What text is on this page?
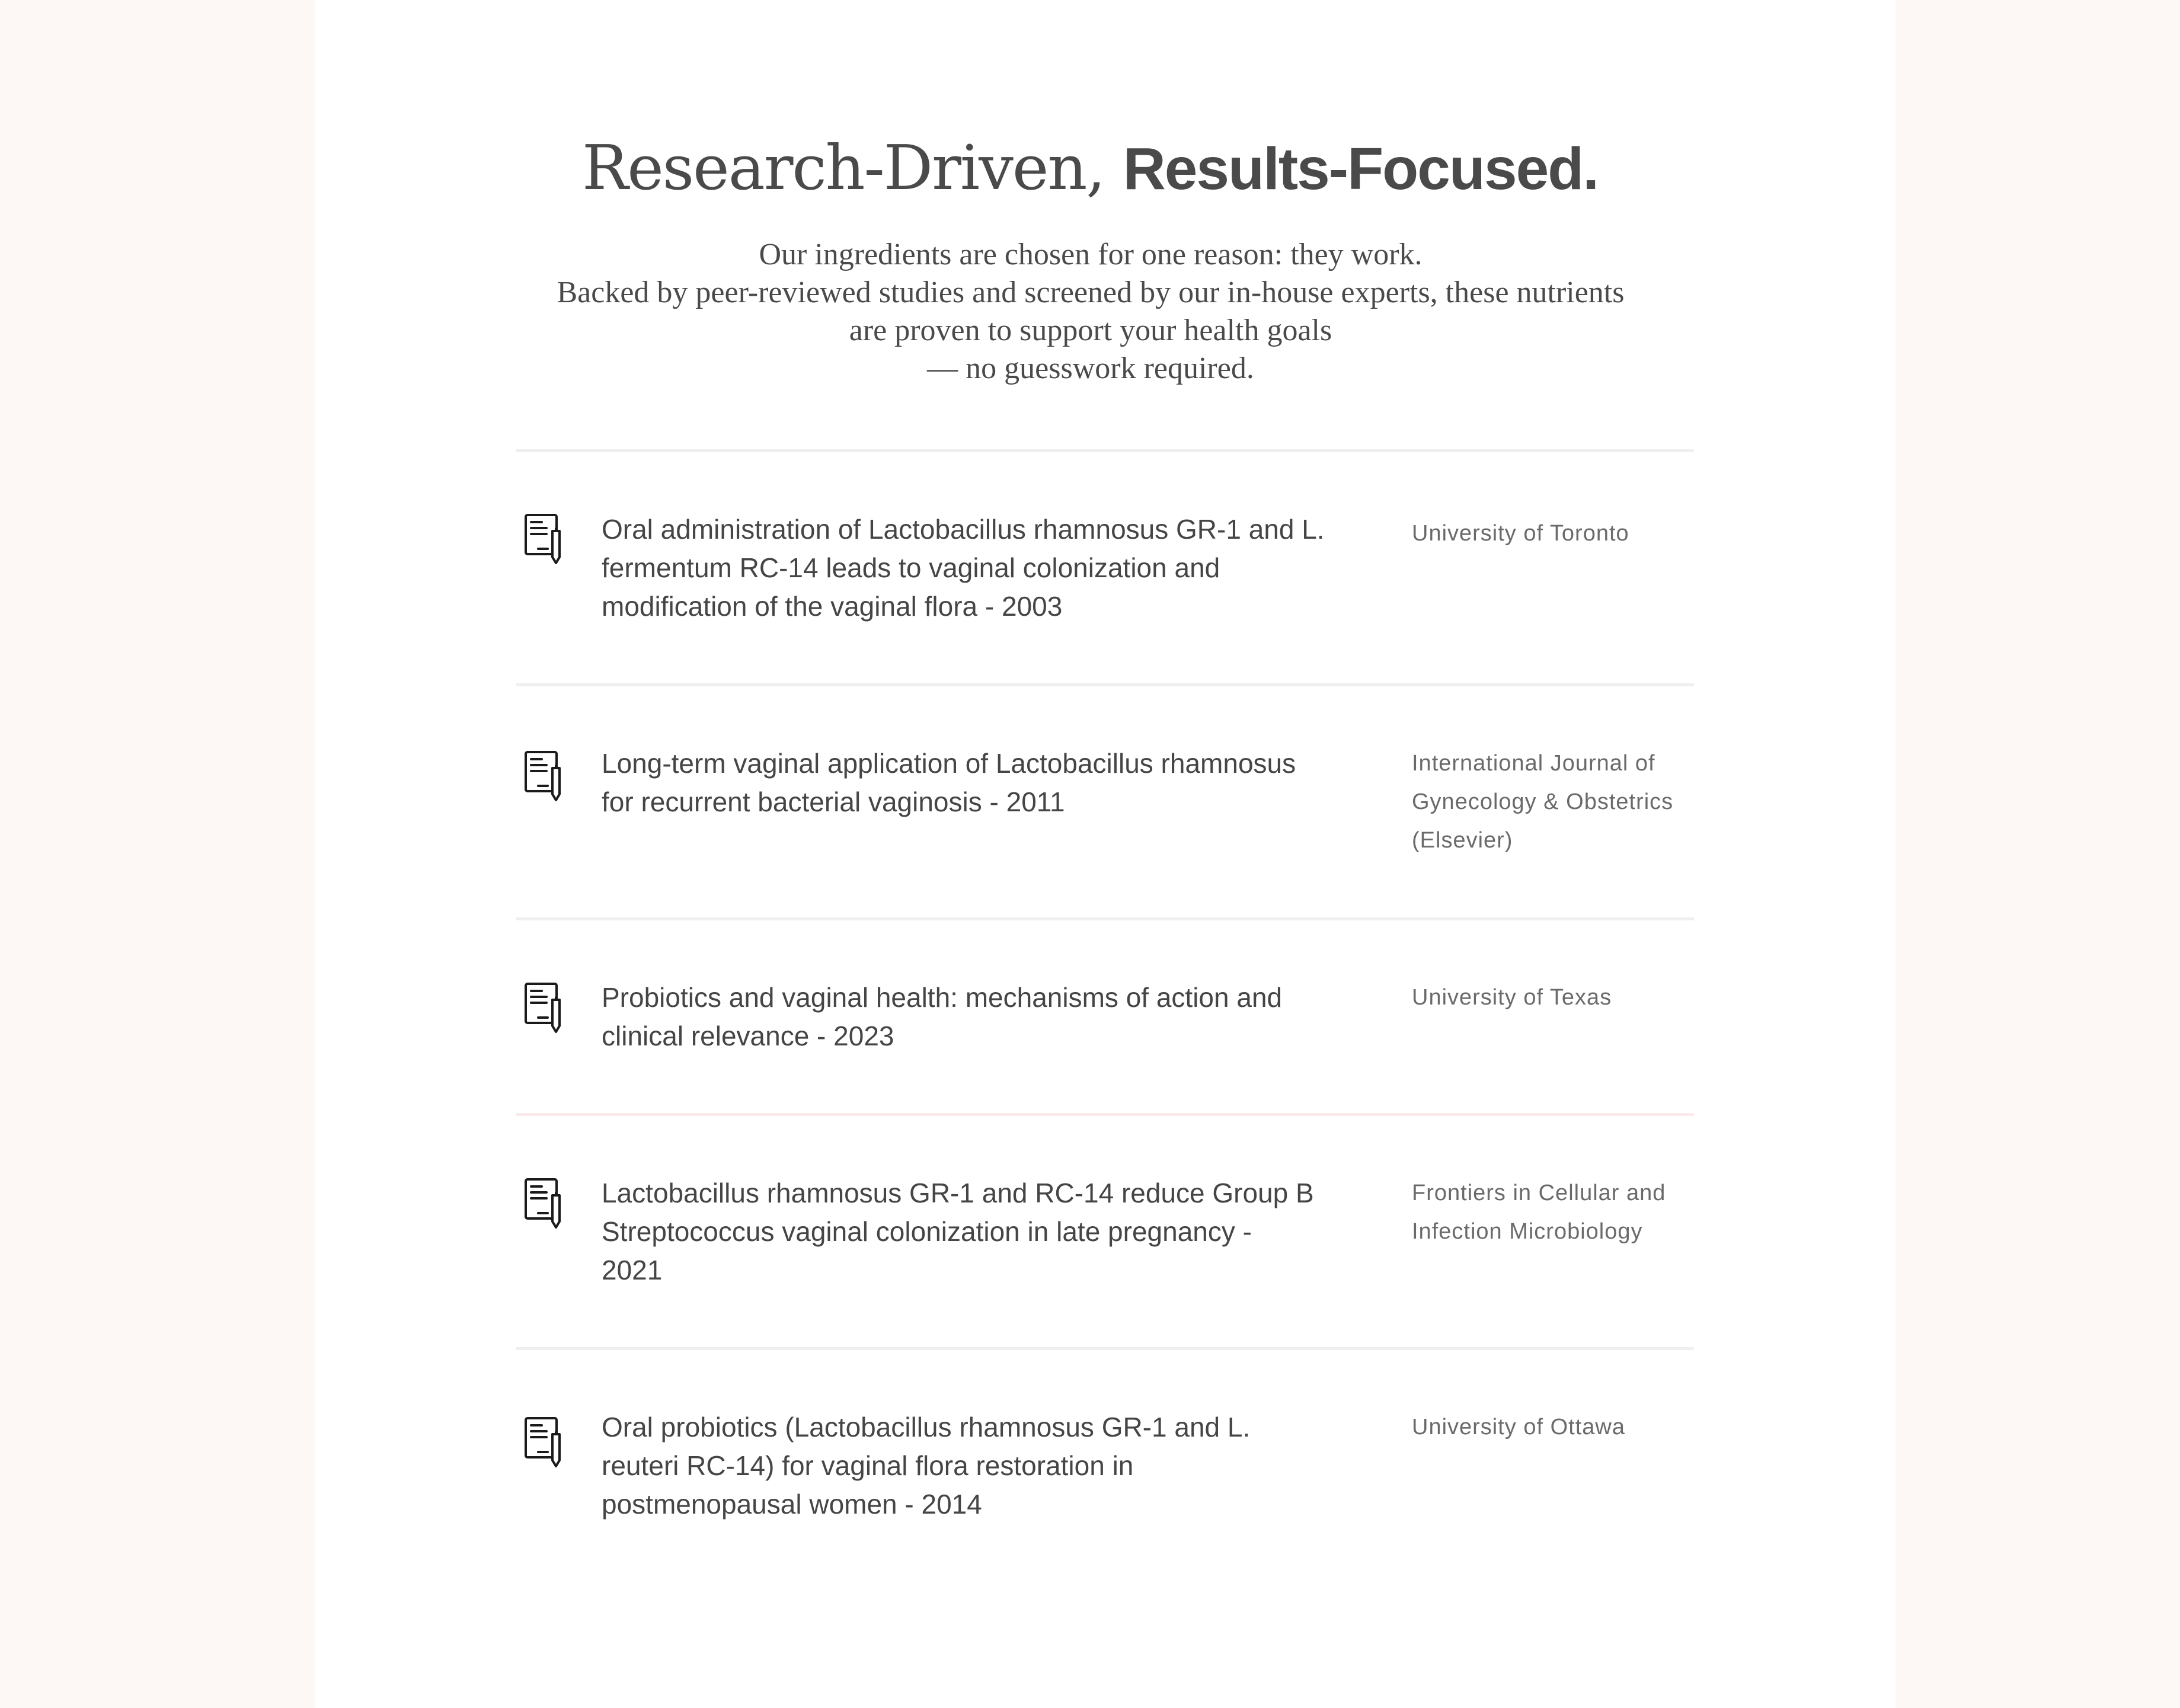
Research-Driven, Results-Focused.
Our ingredients are chosen for one reason: they work.
Backed by peer-reviewed studies and screened by our in-house experts, these nutrients
are proven to support your health goals
— no guesswork required.
Oral administration of Lactobacillus rhamnosus GR-1 and L.
fermentum RC-14 leads to vaginal colonization and
modification of the vaginal flora - 2003
University of Toronto
Long-term vaginal application of Lactobacillus rhamnosus
for recurrent bacterial vaginosis - 2011
International Journal of
Gynecology & Obstetrics
(Elsevier)
Probiotics and vaginal health: mechanisms of action and
clinical relevance - 2023
University of Texas
Lactobacillus rhamnosus GR-1 and RC-14 reduce Group B
Streptococcus vaginal colonization in late pregnancy -
2021
Frontiers in Cellular and
Infection Microbiology
Oral probiotics (Lactobacillus rhamnosus GR-1 and L.
reuteri RC-14) for vaginal flora restoration in
postmenopausal women - 2014
University of Ottawa
